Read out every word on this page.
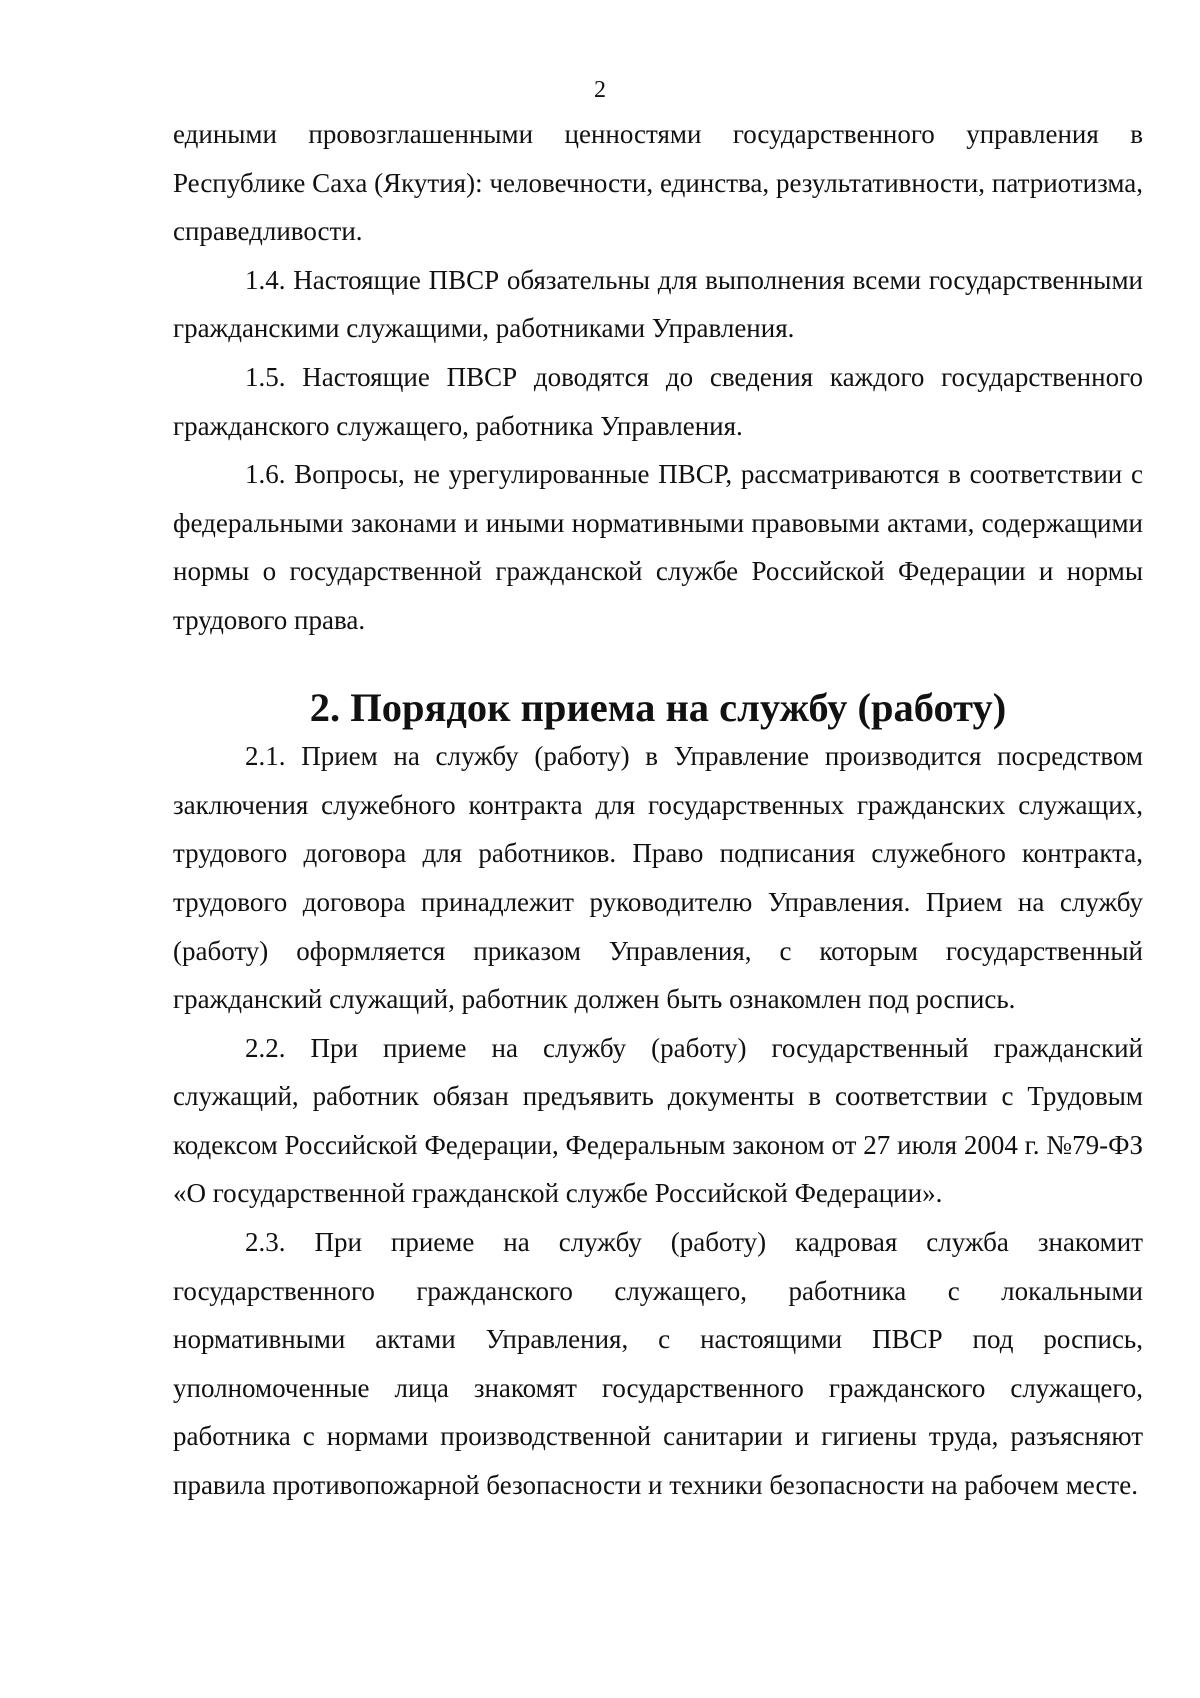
2

едиными провозглашенными ценностями государственного управления в Республике Саха (Якутия): человечности, единства, результативности, патриотизма, справедливости.

1.4. Настоящие ПВСР обязательны для выполнения всеми государственными гражданскими служащими, работниками Управления.

1.5. Настоящие ПВСР доводятся до сведения каждого государственного гражданского служащего, работника Управления.

1.6. Вопросы, не урегулированные ПВСР, рассматриваются в соответствии с федеральными законами и иными нормативными правовыми актами, содержащими нормы о государственной гражданской службе Российской Федерации и нормы трудового права.

2. Порядок приема на службу (работу)

2.1. Прием на службу (работу) в Управление производится посредством заключения служебного контракта для государственных гражданских служащих, трудового договора для работников. Право подписания служебного контракта, трудового договора принадлежит руководителю Управления. Прием на службу (работу) оформляется приказом Управления, с которым государственный гражданский служащий, работник должен быть ознакомлен под роспись.

2.2. При приеме на службу (работу) государственный гражданский служащий, работник обязан предъявить документы в соответствии с Трудовым кодексом Российской Федерации, Федеральным законом от 27 июля 2004 г. №79-ФЗ «О государственной гражданской службе Российской Федерации».

2.3. При приеме на службу (работу) кадровая служба знакомит государственного гражданского служащего, работника с локальными нормативными актами Управления, с настоящими ПВСР под роспись, уполномоченные лица знакомят государственного гражданского служащего, работника с нормами производственной санитарии и гигиены труда, разъясняют правила противопожарной безопасности и техники безопасности на рабочем месте.
